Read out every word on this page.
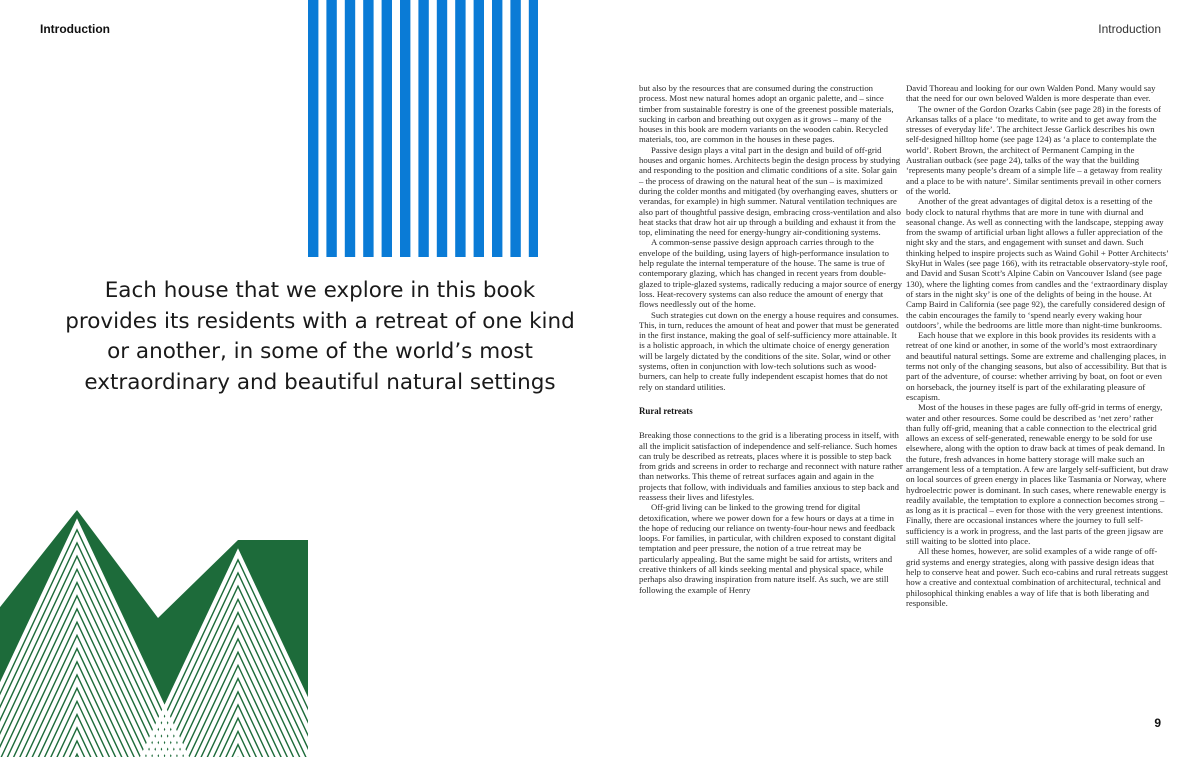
Introduction

Each house that we explore in this book provides its residents with a retreat of one kind or another, in some of the world’s most extraordinary and beautiful natural settings

Introduction

but also by the resources that are consumed during the construction process. Most new natural homes adopt an organic palette, and – since timber from sustainable forestry is one of the greenest possible materials, sucking in carbon and breathing out oxygen as it grows – many of the houses in this book are modern variants on the wooden cabin. Recycled materials, too, are common in the houses in these pages.

Passive design plays a vital part in the design and build of off-grid houses and organic homes. Architects begin the design process by studying and responding to the position and climatic conditions of a site. Solar gain – the process of drawing on the natural heat of the sun – is maximized during the colder months and mitigated (by overhanging eaves, shutters or verandas, for example) in high summer. Natural ventilation techniques are also part of thoughtful passive design, embracing cross-ventilation and also heat stacks that draw hot air up through a building and exhaust it from the top, eliminating the need for energy-hungry air-conditioning systems.

A common-sense passive design approach carries through to the envelope of the building, using layers of high-performance insulation to help regulate the internal temperature of the house. The same is true of contemporary glazing, which has changed in recent years from double-glazed to triple-glazed systems, radically reducing a major source of energy loss. Heat-recovery systems can also reduce the amount of energy that flows needlessly out of the home.

Such strategies cut down on the energy a house requires and consumes. This, in turn, reduces the amount of heat and power that must be generated in the first instance, making the goal of self-sufficiency more attainable. It is a holistic approach, in which the ultimate choice of energy generation will be largely dictated by the conditions of the site. Solar, wind or other systems, often in conjunction with low-tech solutions such as wood-burners, can help to create fully independent escapist homes that do not rely on standard utilities.

Rural retreats

Breaking those connections to the grid is a liberating process in itself, with all the implicit satisfaction of independence and self-reliance. Such homes can truly be described as retreats, places where it is possible to step back from grids and screens in order to recharge and reconnect with nature rather than networks. This theme of retreat surfaces again and again in the projects that follow, with individuals and families anxious to step back and reassess their lives and lifestyles.

Off-grid living can be linked to the growing trend for digital detoxification, where we power down for a few hours or days at a time in the hope of reducing our reliance on twenty-four-hour news and feedback loops. For families, in particular, with children exposed to constant digital temptation and peer pressure, the notion of a true retreat may be particularly appealing. But the same might be said for artists, writers and creative thinkers of all kinds seeking mental and physical space, while perhaps also drawing inspiration from nature itself. As such, we are still following the example of Henry

David Thoreau and looking for our own Walden Pond. Many would say that the need for our own beloved Walden is more desperate than ever.

The owner of the Gordon Ozarks Cabin (see page 28) in the forests of Arkansas talks of a place ‘to meditate, to write and to get away from the stresses of everyday life’. The architect Jesse Garlick describes his own self-designed hilltop home (see page 124) as ‘a place to contemplate the world’. Robert Brown, the architect of Permanent Camping in the Australian outback (see page 24), talks of the way that the building ‘represents many people’s dream of a simple life – a getaway from reality and a place to be with nature’. Similar sentiments prevail in other corners of the world.

Another of the great advantages of digital detox is a resetting of the body clock to natural rhythms that are more in tune with diurnal and seasonal change. As well as connecting with the landscape, stepping away from the swamp of artificial urban light allows a fuller appreciation of the night sky and the stars, and engagement with sunset and dawn. Such thinking helped to inspire projects such as Waind Gohil + Potter Architects’ SkyHut in Wales (see page 166), with its retractable observatory-style roof, and David and Susan Scott’s Alpine Cabin on Vancouver Island (see page 130), where the lighting comes from candles and the ‘extraordinary display of stars in the night sky’ is one of the delights of being in the house. At Camp Baird in California (see page 92), the carefully considered design of the cabin encourages the family to ‘spend nearly every waking hour outdoors’, while the bedrooms are little more than night-time bunkrooms.

Each house that we explore in this book provides its residents with a retreat of one kind or another, in some of the world’s most extraordinary and beautiful natural settings. Some are extreme and challenging places, in terms not only of the changing seasons, but also of accessibility. But that is part of the adventure, of course: whether arriving by boat, on foot or even on horseback, the journey itself is part of the exhilarating pleasure of escapism.

Most of the houses in these pages are fully off-grid in terms of energy, water and other resources. Some could be described as ‘net zero’ rather than fully off-grid, meaning that a cable connection to the electrical grid allows an excess of self-generated, renewable energy to be sold for use elsewhere, along with the option to draw back at times of peak demand. In the future, fresh advances in home battery storage will make such an arrangement less of a temptation. A few are largely self-sufficient, but draw on local sources of green energy in places like Tasmania or Norway, where hydroelectric power is dominant. In such cases, where renewable energy is readily available, the temptation to explore a connection becomes strong – as long as it is practical – even for those with the very greenest intentions. Finally, there are occasional instances where the journey to full self-sufficiency is a work in progress, and the last parts of the green jigsaw are still waiting to be slotted into place.

All these homes, however, are solid examples of a wide range of off-grid systems and energy strategies, along with passive design ideas that help to conserve heat and power. Such eco-cabins and rural retreats suggest how a creative and contextual combination of architectural, technical and philosophical thinking enables a way of life that is both liberating and responsible.

9
